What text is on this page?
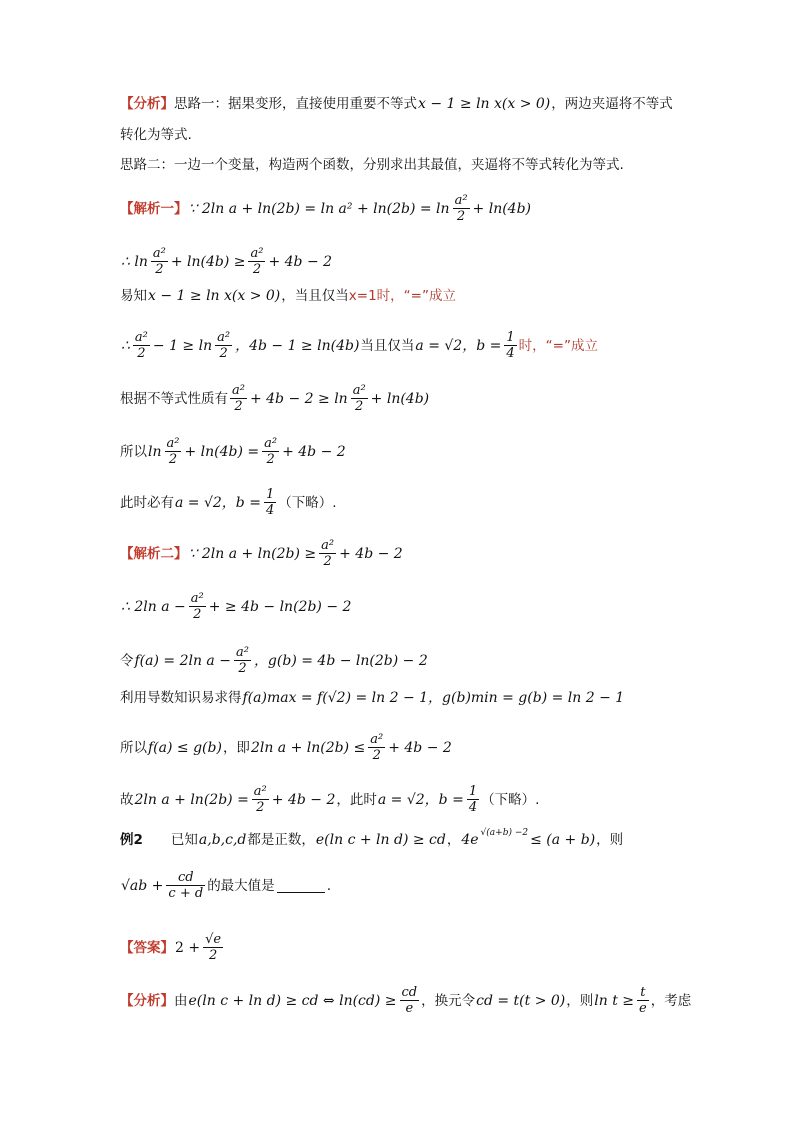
【分析】 思路一：据果变形，直接使用重要不等式 x − 1 ≥ ln x(x > 0) ，两边夹逼将不等式
转化为等式.
思路二：一边一个变量，构造两个函数，分别求出其最值，夹逼将不等式转化为等式.
【解析一】 ∵ 2ln $a + \ln(2b) = \ln a^2 + \ln(2b) = \ln \frac{\text{a²}}{2} + \ln(4b)$
∴ $\ln \frac{\text{a²}}{2} + \ln(4b) \ge \frac{\text{a²}}{2} + 4b - 2$
易知 x − 1 ≥ ln x(x > 0) ，当且仅当 x=1时，“=”成立
∴ $\frac{\text{a²}}{2} - 1 \ge \ln \frac{\text{a²}}{2}$ ，4b − 1 ≥ ln(4b) 当且仅当 a = √2，$b = \frac{1}{4}$ 时，“=”成立
根据不等式性质有 $\frac{\text{a²}}{2} + 4b - 2 \ge \ln \frac{\text{a²}}{2} + \ln(4b)$
所以 $\ln \frac{\text{a²}}{2} + \ln(4b) = \frac{\text{a²}}{2} + 4b - 2$
此时必有 a = √2，$b = \frac{1}{4}$ （下略）.
【解析二】 ∵ 2ln $a + \ln(2b) \ge \frac{\text{a²}}{2} + 4b - 2$
∴ 2ln $a - \frac{\text{a²}}{2}$ + ≥ 4b − ln(2b) − 2
令 f(a) = 2ln $a - \frac{\text{a²}}{2}$ ，g(b) = 4b − ln(2b) − 2
利用导数知识易求得 f(a)max = f(√2) = ln 2 − 1，g(b)min = g(b) = ln 2 − 1
所以 f(a) ≤ g(b) ，即 2ln $a + \ln(2b) \le \frac{\text{a²}}{2} + 4b - 2$
故 2ln $a + \ln(2b) = \frac{\text{a²}}{2} + 4b - 2$ ，此时 a = √2，$b = \frac{1}{4}$ （下略）.
例2 已知 a,b,c,d 都是正数， e(ln c + ln d) ≥ cd ， 4e √(a+b) −2 ≤ (a + b) ，则
$√ab + \frac{cd}{c + d}$ 的最大值是	.
【答案】 $2 + \frac{√e}{2}$
【分析】 由 e(ln c + ln d) ≥ cd ⇔ $\ln(cd) \ge \frac{cd}{e}$ ，换元令 cd = t(t > 0) ，则 $\ln t \ge \frac{t}{e}$ ，考虑
